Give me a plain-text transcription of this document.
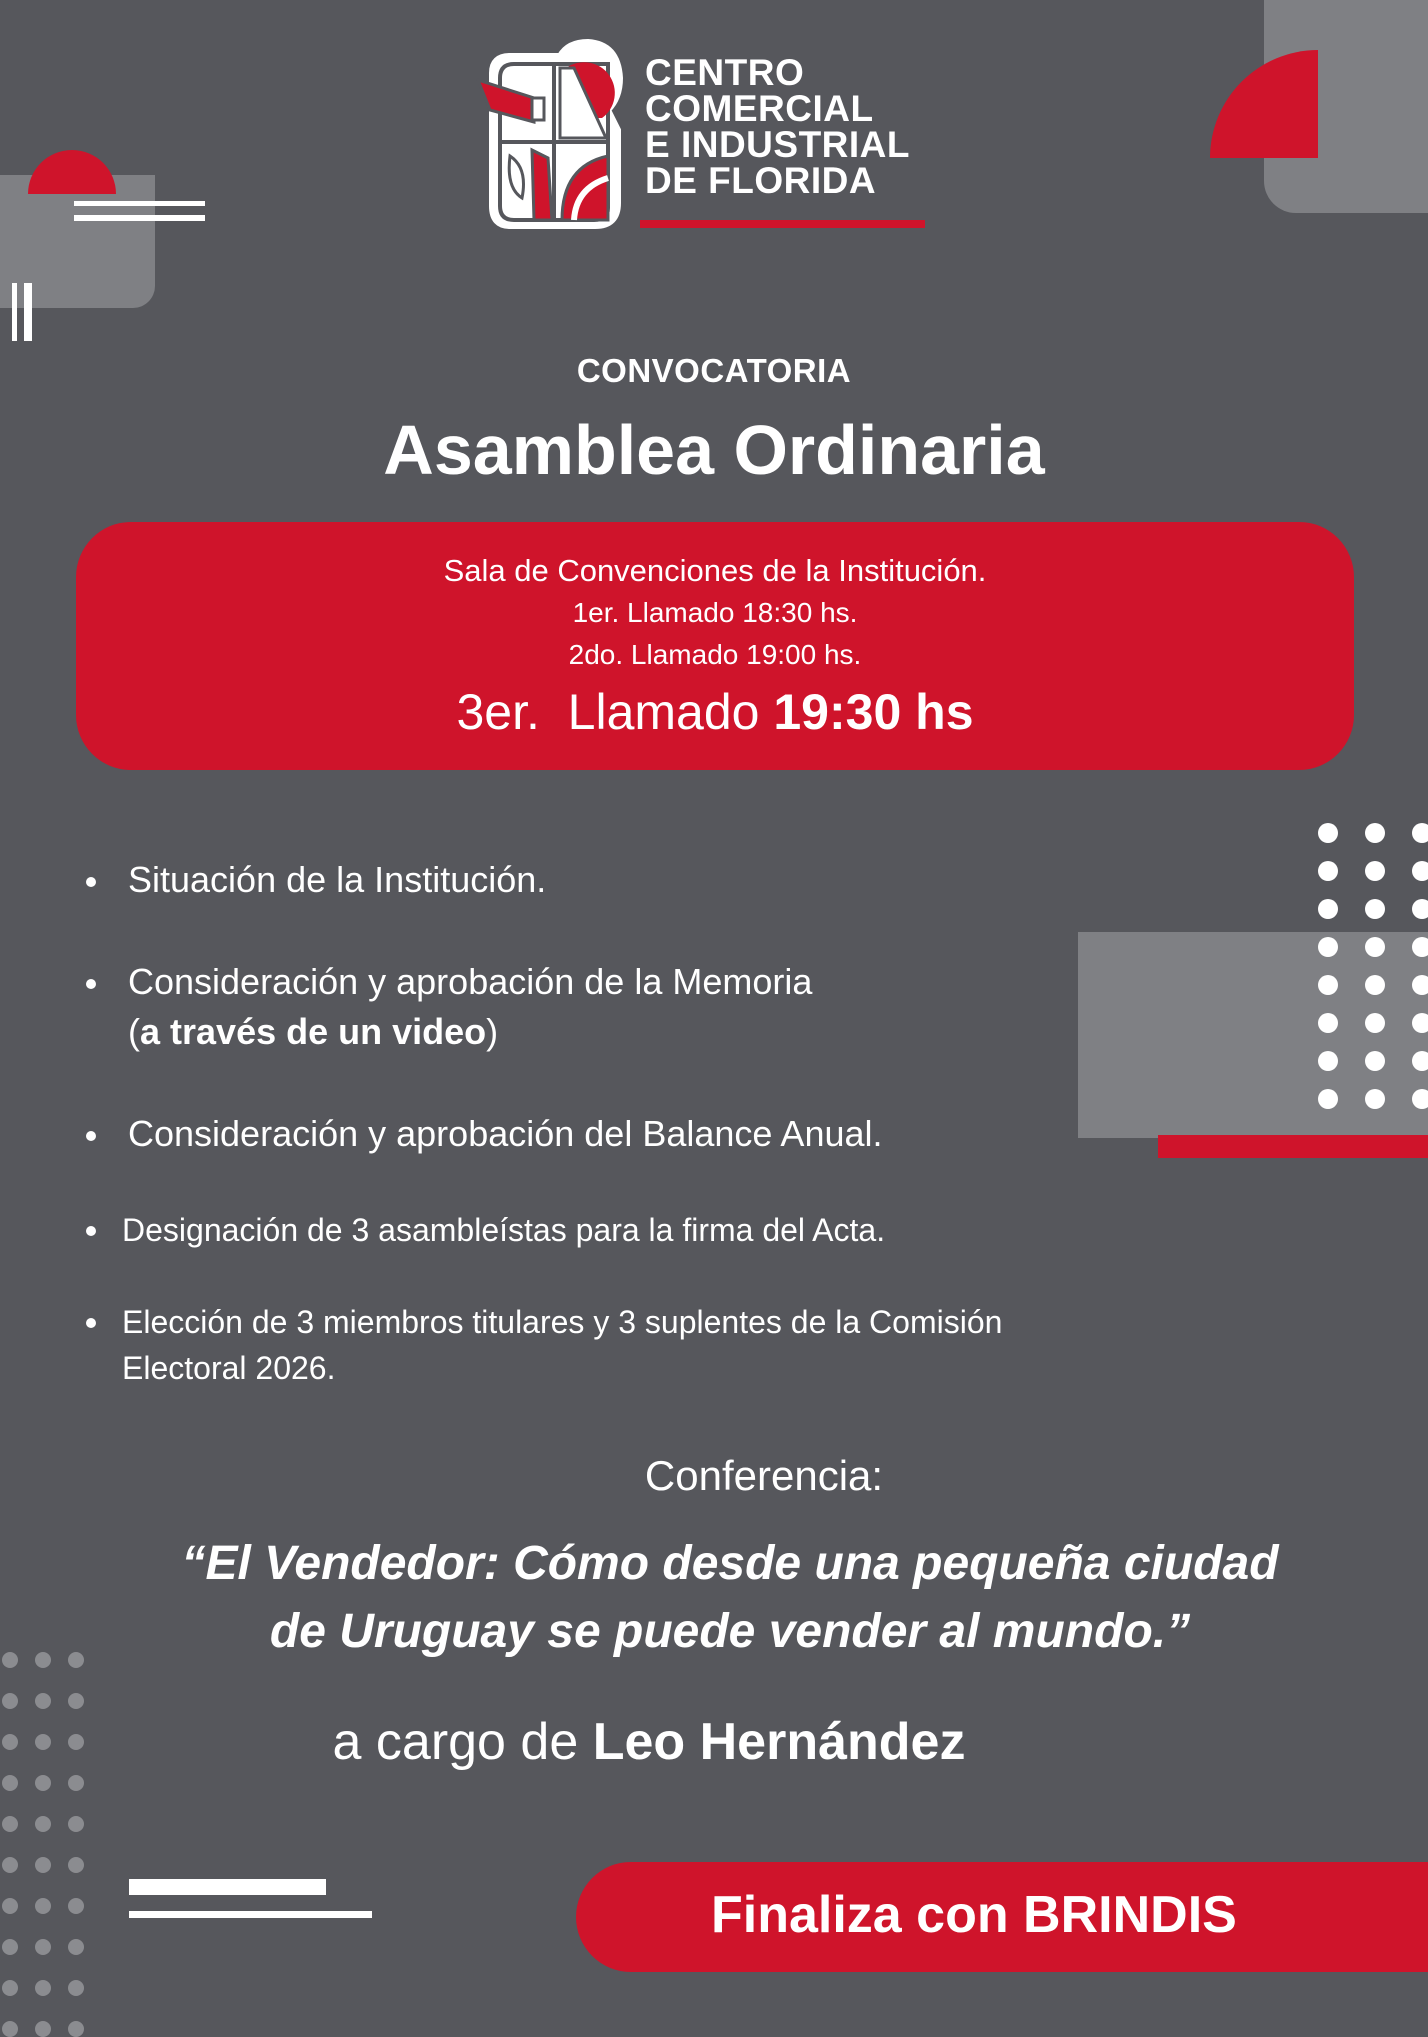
CENTRO
COMERCIAL
E INDUSTRIAL
DE FLORIDA
CONVOCATORIA
Asamblea Ordinaria
Sala de Convenciones de la Institución.
1er. Llamado 18:30 hs.
2do. Llamado 19:00 hs.
3er.  Llamado 19:30 hs
Situación de la Institución.
Consideración y aprobación de la Memoria
(a través de un video)
Consideración y aprobación del Balance Anual.
Designación de 3 asambleístas para la firma del Acta.
Elección de 3 miembros titulares y 3 suplentes de la Comisión Electoral 2026.
Conferencia:
“El Vendedor: Cómo desde una pequeña ciudad
de Uruguay se puede vender al mundo.”
a cargo de Leo Hernández
Finaliza con BRINDIS
